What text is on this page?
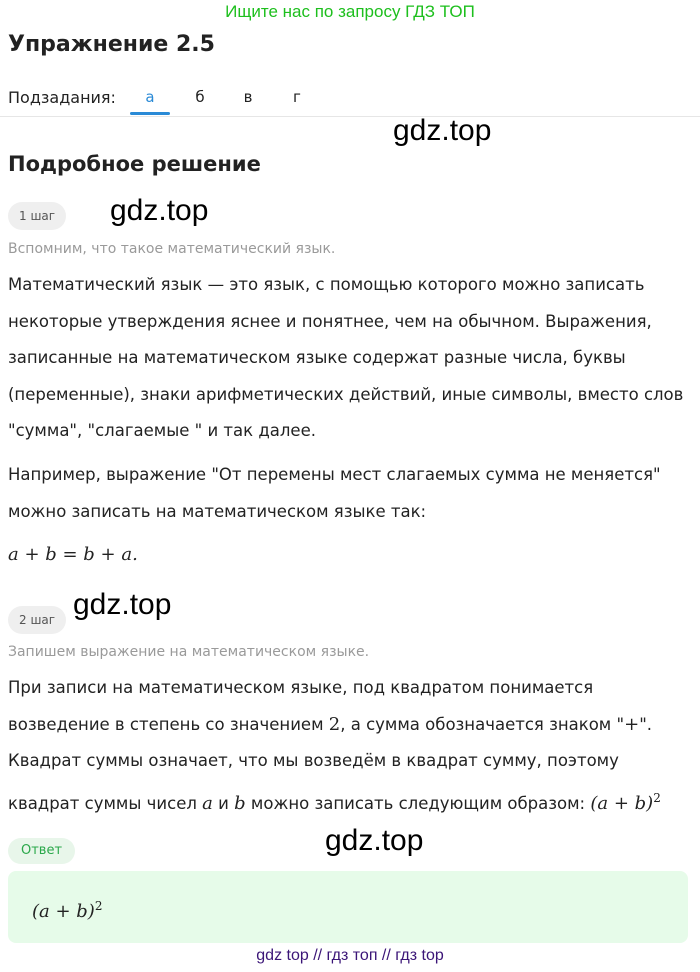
Ищите нас по запросу ГДЗ ТОП
Упражнение 2.5
Подзадания:	а	б	в	г
gdz.top
Подробное решение
1 шаг	gdz.top
Вспомним, что такое математический язык.
Математический язык — это язык, с помощью которого можно записать некоторые утверждения яснее и понятнее, чем на обычном. Выражения, записанные на математическом языке содержат разные числа, буквы (переменные), знаки арифметических действий, иные символы, вместо слов "сумма", "слагаемые " и так далее.
Например, выражение "От перемены мест слагаемых сумма не меняется" можно записать на математическом языке так:
a + b = b + a.
2 шаг gdz.top
Запишем выражение на математическом языке.
При записи на математическом языке, под квадратом понимается возведение в степень со значением 2, а сумма обозначается знаком "+". Квадрат суммы означает, что мы возведём в квадрат сумму, поэтому квадрат суммы чисел a и b можно записать следующим образом: $(a + b)^2$
gdz.top
Ответ
$(a + b)^2$
gdz top // гдз топ // гдз top
